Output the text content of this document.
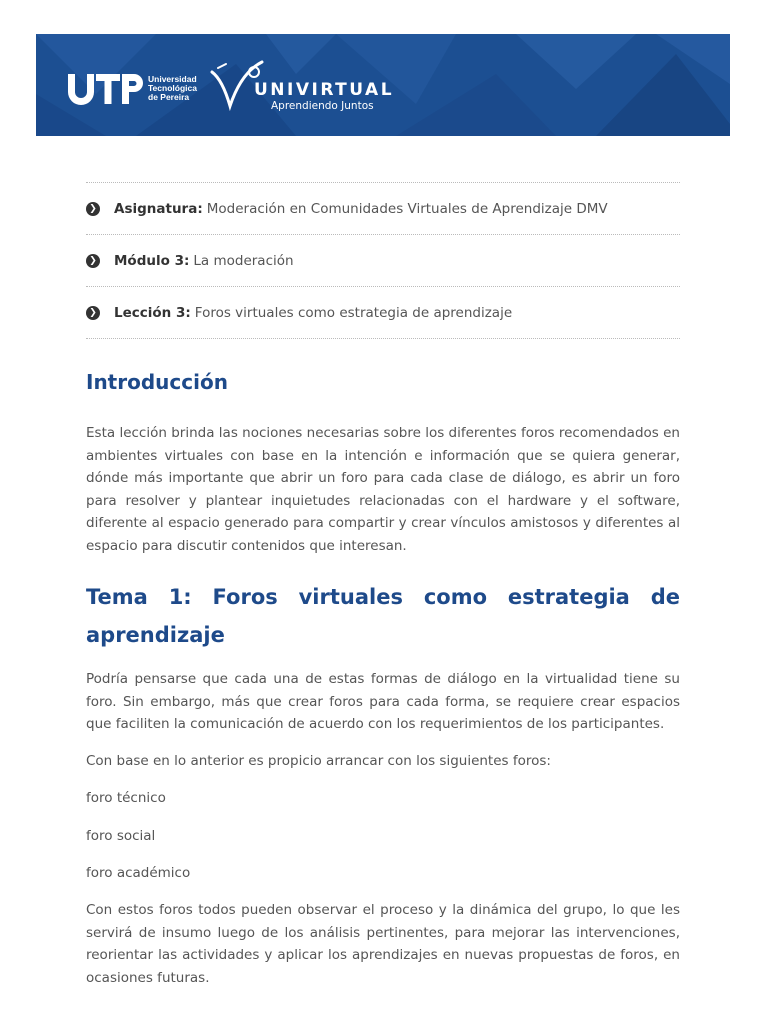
Universidad
Tecnológica
de Pereira	UNIVIRTUAL
Aprendiendo Juntos
❯ Asignatura: Moderación en Comunidades Virtuales de Aprendizaje DMV
❯ Módulo 3: La moderación
❯ Lección 3: Foros virtuales como estrategia de aprendizaje
Introducción

Esta lección brinda las nociones necesarias sobre los diferentes foros recomendados en ambientes virtuales con base en la intención e información que se quiera generar, dónde más importante que abrir un foro para cada clase de diálogo, es abrir un foro para resolver y plantear inquietudes relacionadas con el hardware y el software, diferente al espacio generado para compartir y crear vínculos amistosos y diferentes al espacio para discutir contenidos que interesan.

Tema 1: Foros virtuales como estrategia de aprendizaje

Podría pensarse que cada una de estas formas de diálogo en la virtualidad tiene su foro. Sin embargo, más que crear foros para cada forma, se requiere crear espacios que faciliten la comunicación de acuerdo con los requerimientos de los participantes.

Con base en lo anterior es propicio arrancar con los siguientes foros:

foro técnico

foro social

foro académico

Con estos foros todos pueden observar el proceso y la dinámica del grupo, lo que les servirá de insumo luego de los análisis pertinentes, para mejorar las intervenciones, reorientar las actividades y aplicar los aprendizajes en nuevas propuestas de foros, en ocasiones futuras.
